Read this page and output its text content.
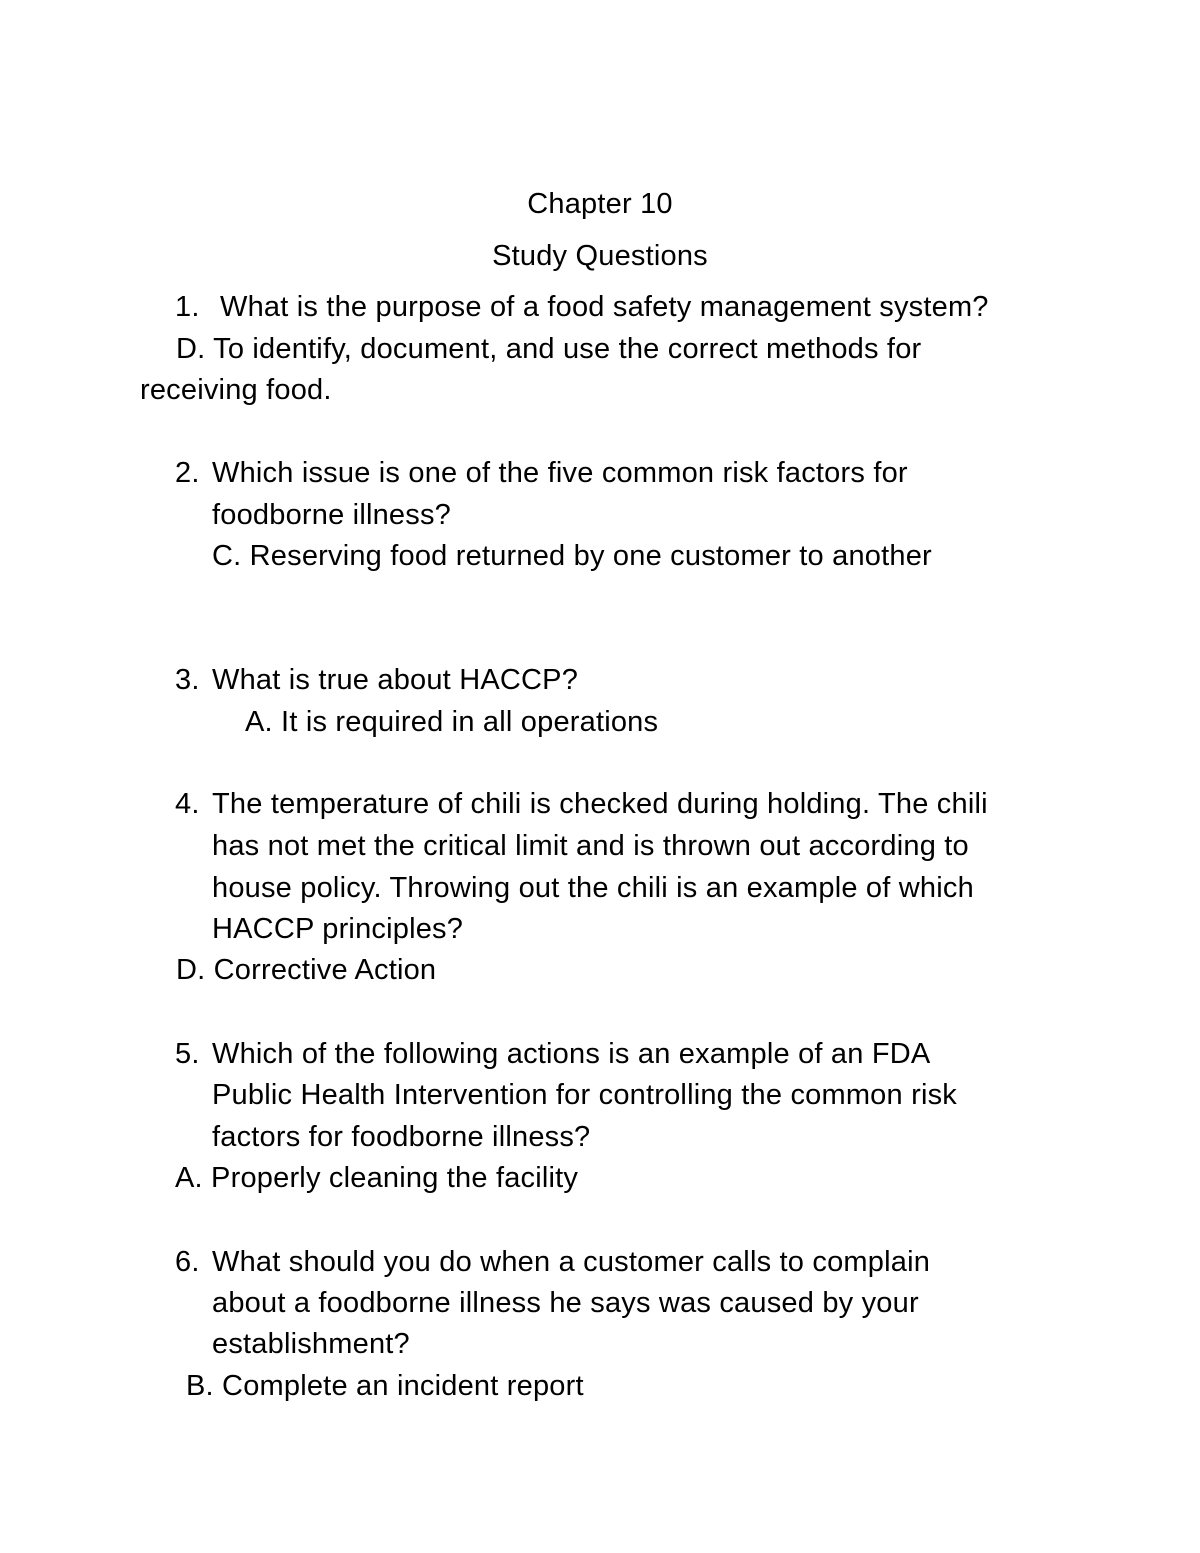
Chapter 10
Study Questions
1. What is the purpose of a food safety management system?
D. To identify, document, and use the correct methods for
receiving food.
2. Which issue is one of the five common risk factors for
foodborne illness?
C. Reserving food returned by one customer to another
3. What is true about HACCP?
A. It is required in all operations
4. The temperature of chili is checked during holding. The chili
has not met the critical limit and is thrown out according to
house policy. Throwing out the chili is an example of which
HACCP principles?
D. Corrective Action
5. Which of the following actions is an example of an FDA
Public Health Intervention for controlling the common risk
factors for foodborne illness?
A. Properly cleaning the facility
6. What should you do when a customer calls to complain
about a foodborne illness he says was caused by your
establishment?
B. Complete an incident report
